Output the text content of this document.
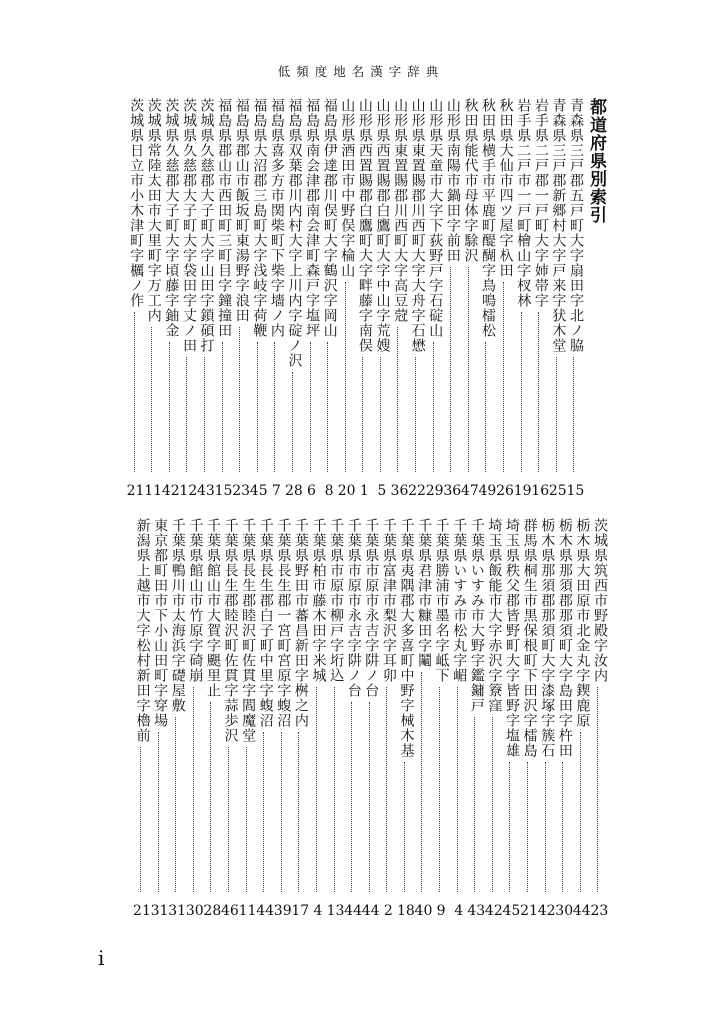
低頻度地名漢字辞典
都道府県別索引
青森県三戸郡五戸町大字扇田字北ノ脇
15
青森県三戸郡新郷村大字戸来字犾木堂
25
岩手県二戸郡一戸町大字姉帯字
16
岩手県二戸市一戸町檜山字杈林
19
秋田県大仙市四ツ屋字杁田
26
秋田県横手市平鹿町醍醐字鳥鳴檑松
49
秋田県能代市母体字駼沢
47
山形県南陽市鍋田字前田
36
山形県天童市大字下荻野戸字石碇山
29
山形県東置賜郡川西町大字大舟字石懋
22
山形県東置賜郡川西町大字高豆蒄
36
山形県西置賜郡白鷹町大字中山字荒嫂
5
山形県西置賜郡白鷹町大字畔藤字南俣
1
山形県酒田市中野俣字棆山
20
福島県伊達郡川俣町大字鶴沢字岡山
8
福島県南会津郡南会津町森戸字塩坪
6
福島県双葉郡川内村大字上川内字碇ノ沢
28
福島県喜多方市関柴町下柴字墻ノ内
7
福島県大沼郡三島町大字浅岐字荷鞭
45
福島県郡山市飯坂町東湯野字浪田
23
福島県郡山市西田町三町目字鐘撞田
15
茨城県久慈郡大子町大字山田字鎖碩打
43
茨城県久慈郡大子町大字袋田字丈ノ田
12
茨城県久慈郡大子町大字頃藤字鈾金
42
茨城県常陸太田市大里町字万工内
11
茨城県日立市小木津町字櫔ノ作
21
茨城県筑西市野殿字汝内
23
栃木県大田原市北金丸字鍥鹿原
44
栃木県那須郡那須町大字島田字杵田
30
栃木県那須郡那須町大字漆塚字簇石
42
群馬県桐生市黒保根町下田沢字檑島
21
埼玉県秩父郡皆野町大字皆野字塩雄
45
埼玉県飯能市大字赤沢字簝窪
42
千葉県いすみ市大野字鑑鏞戸
43
千葉県いすみ市松丸字嵋
4
千葉県勝浦市墨名字岻下
9
千葉県君津市糠田字鬮
40
千葉県夷隅郡大多喜町中野字械木基
18
千葉県富津市梨沢字耳卯
2
千葉県市原市永吉字阱ノ台
44
千葉県市原市永吉字阱ノ台
44
千葉県市原市柳戸字垳込
13
千葉県柏市藤木田字米城
4
千葉県野田市蕃昌新田字桝之内
17
千葉県長生郡一宮町宮原字蝮沼
39
千葉県長生郡白子町中里字蝮沼
44
千葉県長生郡睦沢町佐貫字閻魔堂
11
千葉県長生郡睦沢町佐貫字蒜歩沢
46
千葉県館山市大賀字颶里止
28
千葉県館山市竹原字碕崩
30
千葉県鴨川市太海浜字礎屋敷
31
東京都町田市下小山田町字穿場
31
新潟県上越市大字松村新田字櫓前
21
i
